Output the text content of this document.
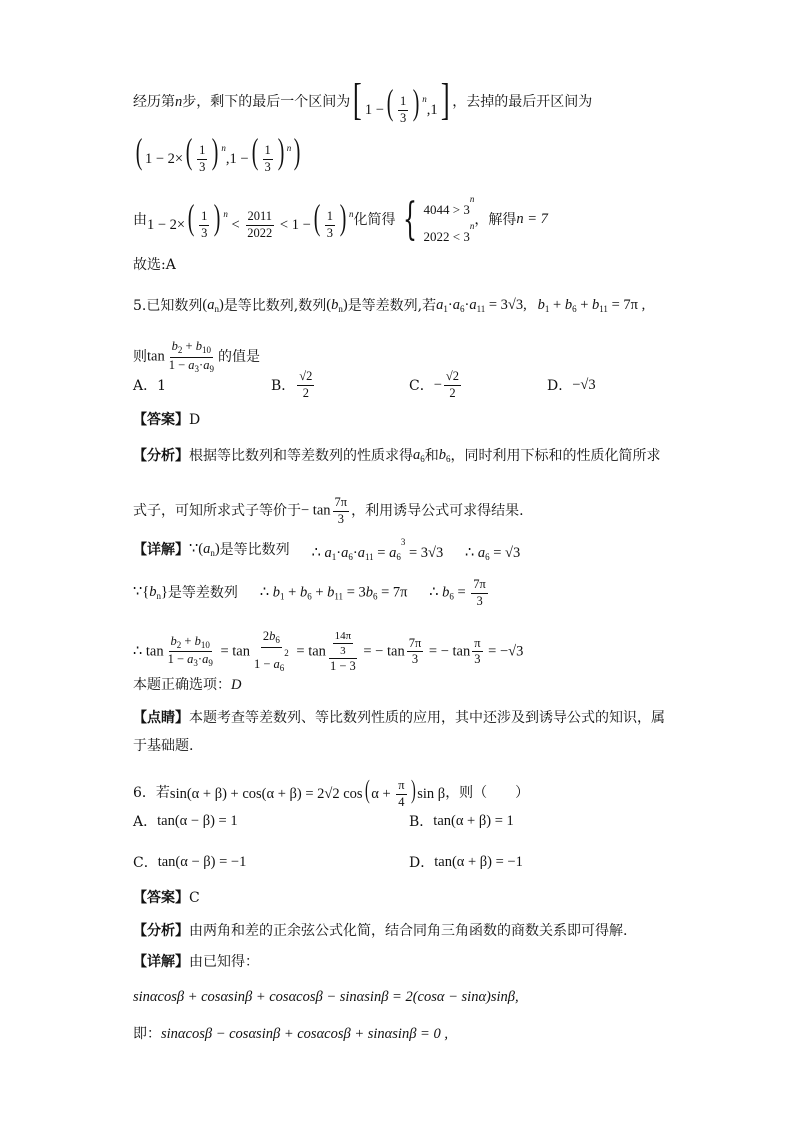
经历第 n 步，剩下的最后一个区间为 [ 1 −( $\frac{1}{3}$ ) $^n$,1] ，去掉的最后开区间为
( $1 - 2\times( \frac{1}{3}$ ) $^n$,1 −( $\frac{1}{3}$ ) $^n$)
由 $1 - 2\times( \frac{1}{3}$ ) $^n < \frac{2011}{2022} < 1$ −( $\frac{1}{3}$ ) $^n$ 化简得 { $4044 > 3^n$
$2022 < 3^n$ ，解得 n = 7
故选:A
5.已知数列 $(a_n)$ 是等比数列,数列 $(b_n)$ 是等差数列,若 $a_1\cdot a_6\cdot a_{11} = 3√3$,   $b_1 + b_6 + b_{11} = 7\pi$ ,
则 $\tan \frac{b_2 + b_{10}}{1 - a_3\cdot a_9}$ 的值是
A．1	B． $\frac{√2}{2}$	C． − $\frac{√2}{2}$	D． −√3
【答案】 D
【分析】 根据等比数列和等差数列的性质求得 $a_6$ 和 $b_6$ ，同时利用下标和的性质化简所求
式子，可知所求式子等价于 − $\tan \frac{7\pi}{3}$ ，利用诱导公式可求得结果.
【详解】 $\because(a_n)$ 是等比数列 ∴ $a_1\cdot a_6\cdot a_{11} = a_6^3 = 3√3$      ∴ $a_6 = √3$
$\because\{b_n\}$ 是等差数列 ∴ $b_1 + b_6 + b_{11} = 3b_6 = 7\pi$      ∴ $b_6 = \frac{7\pi}{3}$
∴ $\tan \frac{b_2 + b_{10}}{1 - a_3\cdot a_9} = \tan \frac{2b_6}{1 - a_6^2} = \tan \frac{\frac{14\pi}{3}}{1 - 3}$ = − $\tan \frac{7\pi}{3}$ = − $\tan \frac{\pi}{3} = -√3$
本题正确选项： D
【点睛】 本题考查等差数列、等比数列性质的应用，其中还涉及到诱导公式的知识，属
于基础题.
6．若 sin(α + β) + cos(α + β) = 2√2 cos( $\alpha + \frac{\pi}{4}$ ) sin β ，则（　　）
A． tan(α − β) = 1	B． tan(α + β) = 1
C． tan(α − β) = −1	D． tan(α + β) = −1
【答案】 C
【分析】 由两角和差的正余弦公式化简，结合同角三角函数的商数关系即可得解.
【详解】 由已知得：
sinαcosβ + cosαsinβ + cosαcosβ − sinαsinβ = 2(cosα − sinα)sinβ,
即： sinαcosβ − cosαsinβ + cosαcosβ + sinαsinβ = 0 ,
